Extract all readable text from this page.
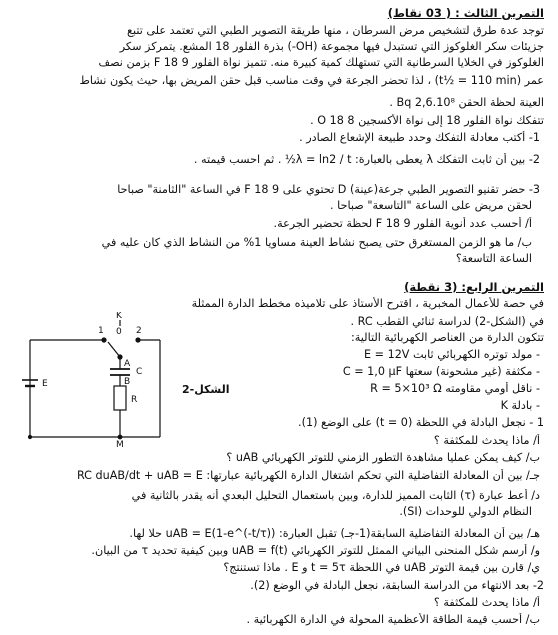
التمرين الثالث : ( 03 نقاط)
توجد عدة طرق لتشخيص مرض السرطان ، منها طريقة التصوير الطبي التي تعتمد على تتبع
جزيئات سكر الغلوكوز التي تستبدل فيها مجموعة (OH-) بذرة الفلور 18 المشع. يتمركز سكر
الغلوكوز في الخلايا السرطانية التي تستهلك كمية كبيرة منه. تتميز نواة الفلور F 18 9 بزمن نصف
عمر (t½ = 110 min) ، لذا تحضر الجرعة في وقت مناسب قبل حقن المريض بها، حيث يكون نشاط
العينة لحظة الحقن 2,6.10⁸ Bq .
تتفكك نواة الفلور 18 إلى نواة الأكسجين O 18 8 .
1- أكتب معادلة التفكك وحدد طبيعة الإشعاع الصادر .
2- بين أن ثابت التفكك λ يعطى بالعبارة: λ = ln2 / t½ . ثم احسب قيمته .
3- حضر تقنيو التصوير الطبي جرعة(عينة) D تحتوي على F 18 9 في الساعة "الثامنة" صباحا
لحقن مريض على الساعة "التاسعة" صباحا .
أ/ أحسب عدد أنوية الفلور F 18 9 لحظة تحضير الجرعة.
ب/ ما هو الزمن المستغرق حتى يصبح نشاط العينة مساويا 1% من النشاط الذي كان عليه في
الساعة التاسعة؟
التمرين الرابع: (3 نقطة)
في حصة للأعمال المخبرية ، اقترح الأستاذ على تلاميذه مخطط الدارة الممثلة
في (الشكل-2) لدراسة ثنائي القطب RC .
تتكون الدارة من العناصر الكهربائية التالية:
- مولد توتره الكهربائي ثابت E = 12V
- مكثفة (غير مشحونة) سعتها C = 1,0 µF
- ناقل أومي مقاومته R = 5×10³ Ω
- بادلة K
1 - نجعل البادلة في اللحظة (t = 0) على الوضع (1).
أ/ ماذا يحدث للمكثفة ؟
ب/ كيف يمكن عمليا مشاهدة التطور الزمني للتوتر الكهربائي uAB ؟
جـ/ بين أن المعادلة التفاضلية التي تحكم اشتغال الدارة الكهربائية عبارتها: RC duAB/dt + uAB = E
د/ أعط عبارة (τ) الثابت المميز للدارة، وبين باستعمال التحليل البعدي أنه يقدر بالثانية في
النظام الدولي للوحدات (SI).
هـ/ بين أن المعادلة التفاضلية السابقة(1-جـ) تقبل العبارة: uAB = E(1-e^(-t/τ)) حلا لها.
و/ أرسم شكل المنحنى البياني الممثل للتوتر الكهربائي uAB = f(t) وبين كيفية تحديد τ من البيان.
ي/ قارن بين قيمة التوتر uAB في اللحظة t = 5τ و E . ماذا تستنتج؟
2- بعد الانتهاء من الدراسة السابقة، نجعل البادلة في الوضع (2).
أ/ ماذا يحدث للمكثفة ؟
ب/ أحسب قيمة الطاقة الأعظمية المحولة في الدارة الكهربائية .
K
1 0 2
A
B
C
R
E
M
الشكل-2
